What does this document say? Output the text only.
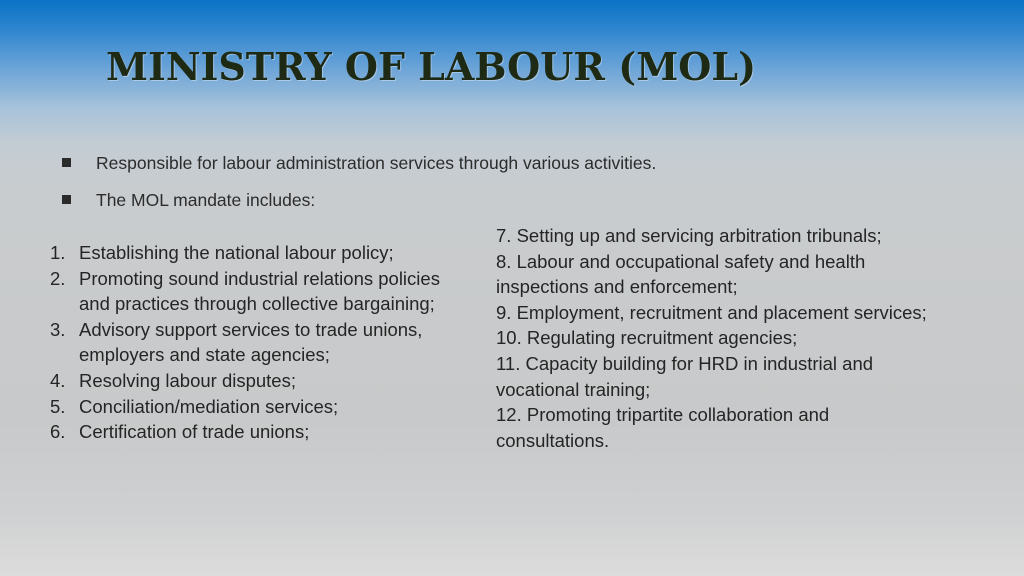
MINISTRY OF LABOUR (MOL)
Responsible for labour administration services through various activities.
The MOL mandate includes:
1. Establishing the national labour policy;
2. Promoting sound industrial relations policies and practices through collective bargaining;
3. Advisory support services to trade unions, employers and state agencies;
4. Resolving labour disputes;
5. Conciliation/mediation services;
6. Certification of trade unions;
7. Setting up and servicing arbitration tribunals;
8. Labour and occupational safety and health inspections and enforcement;
9. Employment, recruitment and placement services;
10. Regulating recruitment agencies;
11. Capacity building for HRD in industrial and vocational training;
12. Promoting tripartite collaboration and consultations.
